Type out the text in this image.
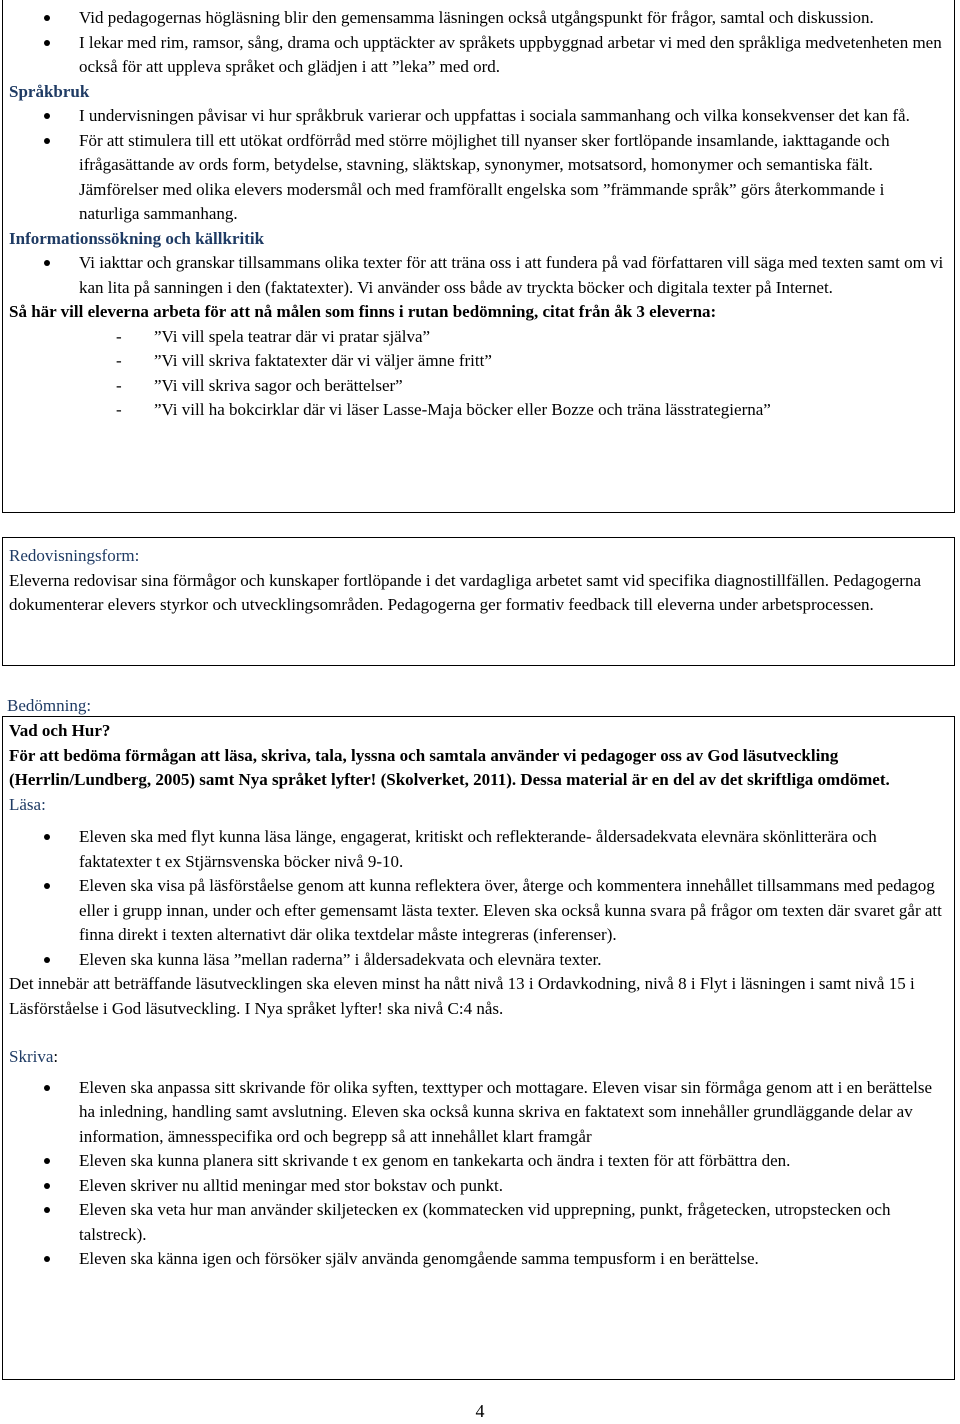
Vid pedagogernas högläsning blir den gemensamma läsningen också utgångspunkt för frågor, samtal och diskussion.
I lekar med rim, ramsor, sång, drama och upptäckter av språkets uppbyggnad arbetar vi med den språkliga medvetenheten men också för att uppleva språket och glädjen i att ”leka” med ord.
Språkbruk
I undervisningen påvisar vi hur språkbruk varierar och uppfattas i sociala sammanhang och vilka konsekvenser det kan få.
För att stimulera till ett utökat ordförråd med större möjlighet till nyanser sker fortlöpande insamlande, iakttagande och ifrågasättande av ords form, betydelse, stavning, släktskap, synonymer, motsatsord, homonymer och semantiska fält. Jämförelser med olika elevers modersmål och med framförallt engelska som ”främmande språk” görs återkommande i naturliga sammanhang.
Informationssökning och källkritik
Vi iakttar och granskar tillsammans olika texter för att träna oss i att fundera på vad författaren vill säga med texten samt om vi kan lita på sanningen i den (faktatexter). Vi använder oss både av tryckta böcker och digitala texter på Internet.
Så här vill eleverna arbeta för att nå målen som finns i rutan bedömning, citat från åk 3 eleverna:
- ”Vi vill spela teatrar där vi pratar själva”
- ”Vi vill skriva faktatexter där vi väljer ämne fritt”
- ”Vi vill skriva sagor och berättelser”
- ”Vi vill ha bokcirklar där vi läser Lasse-Maja böcker eller Bozze och träna lässtrategierna”
Redovisningsform:
Eleverna redovisar sina förmågor och kunskaper fortlöpande i det vardagliga arbetet samt vid specifika diagnostillfällen. Pedagogerna dokumenterar elevers styrkor och utvecklingsområden. Pedagogerna ger formativ feedback till eleverna under arbetsprocessen.
Bedömning:
Vad och Hur?
För att bedöma förmågan att läsa, skriva, tala, lyssna och samtala använder vi pedagoger oss av God läsutveckling (Herrlin/Lundberg, 2005) samt Nya språket lyfter! (Skolverket, 2011). Dessa material är en del av det skriftliga omdömet.
Läsa:
Eleven ska med flyt kunna läsa länge, engagerat, kritiskt och reflekterande- åldersadekvata elevnära skönlitterära och faktatexter t ex Stjärnsvenska böcker nivå 9-10.
Eleven ska visa på läsförståelse genom att kunna reflektera över, återge och kommentera innehållet tillsammans med pedagog eller i grupp innan, under och efter gemensamt lästa texter. Eleven ska också kunna svara på frågor om texten där svaret går att finna direkt i texten alternativt där olika textdelar måste integreras (inferenser).
Eleven ska kunna läsa ”mellan raderna” i åldersadekvata och elevnära texter.
Det innebär att beträffande läsutvecklingen ska eleven minst ha nått nivå 13 i Ordavkodning, nivå 8 i Flyt i läsningen i samt nivå 15 i Läsförståelse i God läsutveckling. I Nya språket lyfter! ska nivå C:4 nås.
Skriva:
Eleven ska anpassa sitt skrivande för olika syften, texttyper och mottagare. Eleven visar sin förmåga genom att i en berättelse ha inledning, handling samt avslutning. Eleven ska också kunna skriva en faktatext som innehåller grundläggande delar av information, ämnesspecifika ord och begrepp så att innehållet klart framgår
Eleven ska kunna planera sitt skrivande t ex genom en tankekarta och ändra i texten för att förbättra den.
Eleven skriver nu alltid meningar med stor bokstav och punkt.
Eleven ska veta hur man använder skiljetecken ex (kommatecken vid upprepning, punkt, frågetecken, utropstecken och talstreck).
Eleven ska känna igen och försöker själv använda genomgående samma tempusform i en berättelse.
4
